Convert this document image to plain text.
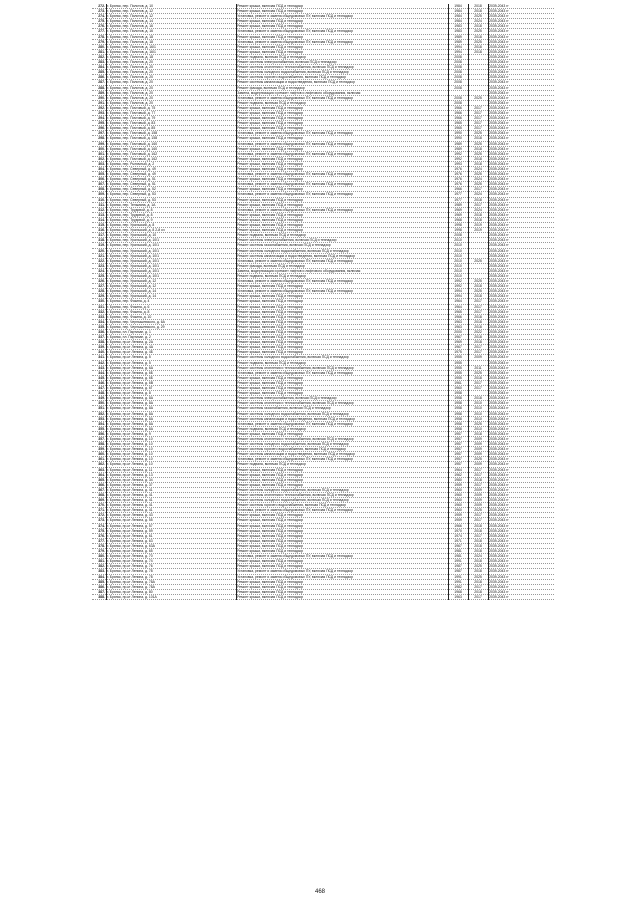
272.	г. Брянск, пер. Пилотов, д. 10	Ремонт крыши, включая ПСД и технадзор	1984	2018	2039-2043 гг
273.	г. Брянск, пер. Пилотов, д. 12	Ремонт крыши, включая ПСД и технадзор	1984	2018	2039-2043 гг
274.	г. Брянск, пер. Пилотов, д. 12	Установка, ремонт и замена общедомовых ПУ, включая ПСД и технадзор	1984	2025	2039-2043 гг
275.	г. Брянск, пер. Пилотов, д. 14	Ремонт крыши, включая ПСД и технадзор	1984	2024	2039-2043 гг
276.	г. Брянск, пер. Пилотов, д. 16	Ремонт крыши, включая ПСД и технадзор	1983	2018	2039-2043 гг
277.	г. Брянск, пер. Пилотов, д. 16	Установка, ремонт и замена общедомовых ПУ, включая ПСД и технадзор	1983	2025	2039-2043 гг
278.	г. Брянск, пер. Пилотов, д. 18	Ремонт крыши, включая ПСД и технадзор	1989	2018	2039-2043 гг
279.	г. Брянск, пер. Пилотов, д. 18	Установка, ремонт и замена общедомовых ПУ, включая ПСД и технадзор	1989	2025	2039-2043 гг
280.	г. Брянск, пер. Пилотов, д. 16/1	Ремонт крыши, включая ПСД и технадзор	1994	2018	2039-2043 гг
281.	г. Брянск, пер. Пилотов, д. 16/1	Ремонт крыши, включая ПСД и технадзор	1994	2018	2039-2043 гг
282.	г. Брянск, пер. Пилотов, д. 18	Ремонт подвала, включая ПСД и технадзор	2008		2039-2043 гг
283.	г. Брянск, пер. Пилотов, д. 20	Ремонт системы электроснабжения, включая ПСД и технадзор	2008		2039-2043 гг
284.	г. Брянск, пер. Пилотов, д. 20	Ремонт системы отопления и теплоснабжения, включая ПСД и технадзор	2008		2039-2043 гг
285.	г. Брянск, пер. Пилотов, д. 20	Ремонт системы холодного водоснабжения, включая ПСД и технадзор	2008		2039-2043 гг
286.	г. Брянск, пер. Пилотов, д. 20	Ремонт системы горячего водоснабжения, включая ПСД и технадзор	2008		2039-2043 гг
287.	г. Брянск, пер. Пилотов, д. 20	Ремонт системы канализации и водоотведения, включая ПСД и технадзор	2008		2039-2043 гг
288.	г. Брянск, пер. Пилотов, д. 20	Ремонт фасада, включая ПСД и технадзор	2008		2039-2043 гг
289.	г. Брянск, пер. Пилотов, д. 20	Замена, модернизация и ремонт лифтов и лифтового оборудования, включая			2039-2043 гг
290.	г. Брянск, пер. Пилотов, д. 20	Установка, ремонт и замена общедомовых ПУ, включая ПСД и технадзор	2008	2025	2039-2043 гг
291.	г. Брянск, пер. Пилотов, д. 20	Ремонт подвала, включая ПСД и технадзор	2008		2039-2043 гг
292.	г. Брянск, пер. Почтовый, д. 75	Ремонт крыши, включая ПСД и технадзор	1966	2017	2039-2043 гг
293.	г. Брянск, пер. Почтовый, д. 77	Ремонт крыши, включая ПСД и технадзор	1966	2017	2039-2043 гг
294.	г. Брянск, пер. Почтовый, д. 79	Ремонт крыши, включая ПСД и технадзор	1966	2017	2039-2043 гг
295.	г. Брянск, пер. Почтовый, д. 83	Ремонт крыши, включая ПСД и технадзор	1965	2017	2039-2043 гг
296.	г. Брянск, пер. Почтовый, д. 85	Ремонт крыши, включая ПСД и технадзор	1965	2017	2039-2043 гг
297.	г. Брянск, пер. Почтовый, д. 158	Установка, ремонт и замена общедомовых ПУ, включая ПСД и технадзор	1990	2025	2039-2043 гг
298.	г. Брянск, пер. Почтовый, д. 158	Ремонт крыши, включая ПСД и технадзор	1990	2018	2039-2043 гг
299.	г. Брянск, пер. Почтовый, д. 160	Установка, ремонт и замена общедомовых ПУ, включая ПСД и технадзор	1989	2025	2039-2043 гг
300.	г. Брянск, пер. Почтовый, д. 160	Ремонт крыши, включая ПСД и технадзор	1989	2018	2039-2043 гг
301.	г. Брянск, пер. Почтовый, д. 162	Установка, ремонт и замена общедомовых ПУ, включая ПСД и технадзор	1992	2025	2039-2043 гг
302.	г. Брянск, пер. Почтовый, д. 162	Ремонт крыши, включая ПСД и технадзор	1992	2018	2039-2043 гг
303.	г. Брянск, пер. Рыночный, д. 2	Ремонт крыши, включая ПСД и технадзор	1993	2018	2039-2043 гг
304.	г. Брянск, пер. Северный, д. 49	Ремонт крыши, включая ПСД и технадзор	1976	2024	2039-2043 гг
305.	г. Брянск, пер. Северный, д. 49	Установка, ремонт и замена общедомовых ПУ, включая ПСД и технадзор	1976	2025	2039-2043 гг
306.	г. Брянск, пер. Северный, д. 51	Ремонт крыши, включая ПСД и технадзор	1976	2024	2039-2043 гг
307.	г. Брянск, пер. Северный, д. 51	Установка, ремонт и замена общедомовых ПУ, включая ПСД и технадзор	1976	2025	2039-2043 гг
308.	г. Брянск, пер. Северный, д. 52	Ремонт крыши, включая ПСД и технадзор	1966	2017	2039-2043 гг
309.	г. Брянск, пер. Северный, д. 53	Установка, ремонт и замена общедомовых ПУ, включая ПСД и технадзор	1977	2024	2039-2043 гг
310.	г. Брянск, пер. Северный, д. 53	Ремонт крыши, включая ПСД и технадзор	1977	2018	2039-2043 гг
311.	г. Брянск, пер. Тельмана, д. 1А	Ремонт крыши, включая ПСД и технадзор	1989	2017	2039-2043 гг
312.	г. Брянск, пер. Трудовой, д. 8	Установка, ремонт и замена общедомовых ПУ, включая ПСД и технадзор	1969	2024	2039-2043 гг
313.	г. Брянск, пер. Трудовой, д. 8	Ремонт крыши, включая ПСД и технадзор	1969	2018	2039-2043 гг
314.	г. Брянск, пер. Трудовой, д. 9	Ремонт крыши, включая ПСД и технадзор	1968	2018	2039-2043 гг
315.	г. Брянск, пер. Уральский, д. 8	Ремонт крыши, включая ПСД и технадзор	1998	2019	2039-2043 гг
316.	г. Брянск, пер. Уральский, д. 8 2-й оч	Ремонт крыши, включая ПСД и технадзор	1998	2019	2039-2043 гг
317.	г. Брянск, пер. Уральский, д. 10	Ремонт подвала, включая ПСД и технадзор	2008		2039-2043 гг
318.	г. Брянск, пер. Уральский, д. 10/1	Ремонт системы электроснабжения, включая ПСД и технадзор	2010		2039-2043 гг
319.	г. Брянск, пер. Уральский, д. 10/1	Ремонт системы газоснабжения, включая ПСД и технадзор	2010		2039-2043 гг
320.	г. Брянск, пер. Уральский, д. 10/1	Ремонт системы холодного водоснабжения, включая ПСД и технадзор	2010		2039-2043 гг
321.	г. Брянск, пер. Уральский, д. 10/1	Ремонт системы канализации и водоотведения, включая ПСД и технадзор	2010		2039-2043 гг
322.	г. Брянск, пер. Уральский, д. 10/1	Установка, ремонт и замена общедомовых ПУ, включая ПСД и технадзор	2010	2025	2039-2043 гг
323.	г. Брянск, пер. Уральский, д. 10/1	Ремонт фасада, включая ПСД и технадзор	2010		2039-2043 гг
324.	г. Брянск, пер. Уральский, д. 10/1	Замена, модернизация и ремонт лифтов и лифтового оборудования, включая	2010		2039-2043 гг
325.	г. Брянск, пер. Уральский, д. 10/1	Ремонт подвала, включая ПСД и технадзор	2010		2039-2043 гг
326.	г. Брянск, пер. Уральский, д. 12	Установка, ремонт и замена общедомовых ПУ, включая ПСД и технадзор	1992	2025	2039-2043 гг
327.	г. Брянск, пер. Уральский, д. 12	Ремонт крыши, включая ПСД и технадзор	1992	2018	2039-2043 гг
328.	г. Брянск, пер. Уральский, д. 14	Установка, ремонт и замена общедомовых ПУ, включая ПСД и технадзор	1994	2025	2039-2043 гг
329.	г. Брянск, пер. Уральский, д. 14	Ремонт крыши, включая ПСД и технадзор	1994	2018	2039-2043 гг
330.	г. Брянск, пер. Фокина, д. 4	Ремонт крыши, включая ПСД и технадзор	1964	2017	2039-2043 гг
331.	г. Брянск, пер. Фокина, д. 6	Ремонт крыши, включая ПСД и технадзор	1964	2017	2039-2043 гг
332.	г. Брянск, пер. Фокина, д. 8	Ремонт крыши, включая ПСД и технадзор	1965	2017	2039-2043 гг
333.	г. Брянск, пер. Фокина, д. 10	Ремонт крыши, включая ПСД и технадзор	1966	2018	2039-2043 гг
334.	г. Брянск, пер. Чернышевского, д. 6А	Ремонт крыши, включая ПСД и технадзор	1963	2018	2039-2043 гг
335.	г. Брянск, пер. Чернышевского, д. 29	Ремонт крыши, включая ПСД и технадзор	1963	2018	2039-2043 гг
336.	г. Брянск, пл. Партизан, д. 1	Ремонт крыши, включая ПСД и технадзор	2000	2022	2039-2043 гг
337.	г. Брянск, пл. Партизан, д. 2	Ремонт крыши, включая ПСД и технадзор	1967	2018	2039-2043 гг
338.	г. Брянск, пр-кт Ленина, д. 2А	Ремонт крыши, включая ПСД и технадзор	1969	2018	2039-2043 гг
339.	г. Брянск, пр-кт Ленина, д. 4А	Ремонт крыши, включая ПСД и технадзор	1967	2017	2039-2043 гг
340.	г. Брянск, пр-кт Ленина, д. 4Б	Ремонт крыши, включая ПСД и технадзор	1975	2017	2039-2043 гг
341.	г. Брянск, пр-кт Ленина, д. 5	Ремонт системы холодного водоснабжения, включая ПСД и технадзор	1955	2009	2039-2043 гг
342.	г. Брянск, пр-кт Ленина, д. 5	Ремонт подвала, включая ПСД и технадзор	1955		2039-2043 гг
343.	г. Брянск, пр-кт Ленина, д. 6А	Ремонт системы отопления и теплоснабжения, включая ПСД и технадзор	1955	2011	2039-2043 гг
344.	г. Брянск, пр-кт Ленина, д. 6Б	Установка, ремонт и замена общедомовых ПУ, включая ПСД и технадзор	1955	2025	2039-2043 гг
345.	г. Брянск, пр-кт Ленина, д. 6Б	Ремонт крыши, включая ПСД и технадзор	1955	2018	2039-2043 гг
346.	г. Брянск, пр-кт Ленина, д. 6В	Ремонт крыши, включая ПСД и технадзор	1961	2017	2039-2043 гг
347.	г. Брянск, пр-кт Ленина, д. 6Г	Ремонт крыши, включая ПСД и технадзор	1960	2017	2039-2043 гг
348.	г. Брянск, пр-кт Ленина, д. 8	Ремонт крыши, включая ПСД и технадзор	1958		2039-2043 гг
349.	г. Брянск, пр-кт Ленина, д. 8А	Ремонт системы электроснабжения, включая ПСД и технадзор	1958	2018	2039-2043 гг
350.	г. Брянск, пр-кт Ленина, д. 8А	Ремонт системы отопления и теплоснабжения, включая ПСД и технадзор	1958	2010	2039-2043 гг
351.	г. Брянск, пр-кт Ленина, д. 8А	Ремонт системы газоснабжения, включая ПСД и технадзор	1958	2010	2039-2043 гг
352.	г. Брянск, пр-кт Ленина, д. 8А	Ремонт системы холодного водоснабжения, включая ПСД и технадзор	1958	2010	2039-2043 гг
353.	г. Брянск, пр-кт Ленина, д. 8А	Ремонт системы канализации и водоотведения, включая ПСД и технадзор	1958	2010	2039-2043 гг
354.	г. Брянск, пр-кт Ленина, д. 8А	Установка, ремонт и замена общедомовых ПУ, включая ПСД и технадзор	1958	2025	2039-2043 гг
355.	г. Брянск, пр-кт Ленина, д. 8А	Ремонт подвала, включая ПСД и технадзор	1958	2010	2039-2043 гг
356.	г. Брянск, пр-кт Ленина, д. 9	Ремонт крыши, включая ПСД и технадзор	1957	2018	2039-2043 гг
357.	г. Брянск, пр-кт Ленина, д. 10	Ремонт системы отопления и теплоснабжения, включая ПСД и технадзор	1957	2009	2039-2043 гг
358.	г. Брянск, пр-кт Ленина, д. 10	Ремонт системы холодного водоснабжения, включая ПСД и технадзор	1957	2009	2039-2043 гг
359.	г. Брянск, пр-кт Ленина, д. 10	Ремонт системы горячего водоснабжения, включая ПСД и технадзор	1957	2009	2039-2043 гг
360.	г. Брянск, пр-кт Ленина, д. 10	Ремонт системы канализации и водоотведения, включая ПСД и технадзор	1957	2009	2039-2043 гг
361.	г. Брянск, пр-кт Ленина, д. 10	Установка, ремонт и замена общедомовых ПУ, включая ПСД и технадзор	1957	2025	2039-2043 гг
362.	г. Брянск, пр-кт Ленина, д. 10	Ремонт подвала, включая ПСД и технадзор	1957	2009	2039-2043 гг
363.	г. Брянск, пр-кт Ленина, д. 11	Ремонт крыши, включая ПСД и технадзор	1964	2017	2039-2043 гг
364.	г. Брянск, пр-кт Ленина, д. 13	Ремонт крыши, включая ПСД и технадзор	1962	2017	2039-2043 гг
365.	г. Брянск, пр-кт Ленина, д. 34	Ремонт крыши, включая ПСД и технадзор	1980	2018	2039-2043 гг
366.	г. Брянск, пр-кт Ленина, д. 37	Ремонт крыши, включая ПСД и технадзор	1959	2017	2039-2043 гг
367.	г. Брянск, пр-кт Ленина, д. 41	Ремонт системы холодного водоснабжения, включая ПСД и технадзор	1960	2009	2039-2043 гг
368.	г. Брянск, пр-кт Ленина, д. 41	Ремонт системы отопления и теплоснабжения, включая ПСД и технадзор	1960	2009	2039-2043 гг
369.	г. Брянск, пр-кт Ленина, д. 41	Ремонт системы холодного водоснабжения, включая ПСД и технадзор	1960	2009	2039-2043 гг
370.	г. Брянск, пр-кт Ленина, д. 41	Ремонт системы горячего водоснабжения, включая ПСД и технадзор	1960	2009	2039-2043 гг
371.	г. Брянск, пр-кт Ленина, д. 41	Установка, ремонт и замена общедомовых ПУ, включая ПСД и технадзор	1960	2025	2039-2043 гг
372.	г. Брянск, пр-кт Ленина, д. 43	Ремонт крыши, включая ПСД и технадзор	1959	2017	2039-2043 гг
373.	г. Брянск, пр-кт Ленина, д. 55	Ремонт крыши, включая ПСД и технадзор	1959	2017	2039-2043 гг
374.	г. Брянск, пр-кт Ленина, д. 57	Ремонт крыши, включая ПСД и технадзор	1966	2018	2039-2043 гг
375.	г. Брянск, пр-кт Ленина, д. 59	Ремонт крыши, включая ПСД и технадзор	1970	2018	2039-2043 гг
376.	г. Брянск, пр-кт Ленина, д. 61	Ремонт крыши, включая ПСД и технадзор	1974	2017	2039-2043 гг
377.	г. Брянск, пр-кт Ленина, д. 63	Ремонт крыши, включая ПСД и технадзор	1971	2018	2039-2043 гг
378.	г. Брянск, пр-кт Ленина, д. 63А	Ремонт крыши, включая ПСД и технадзор	1967	2018	2039-2043 гг
379.	г. Брянск, пр-кт Ленина, д. 65	Ремонт крыши, включая ПСД и технадзор	1981	2018	2039-2043 гг
380.	г. Брянск, пр-кт Ленина, д. 70	Установка, ремонт и замена общедомовых ПУ, включая ПСД и технадзор	1981	2024	2039-2043 гг
381.	г. Брянск, пр-кт Ленина, д. 74	Ремонт крыши, включая ПСД и технадзор	1991	2018	2039-2043 гг
382.	г. Брянск, пр-кт Ленина, д. 76	Ремонт крыши, включая ПСД и технадзор	1987	2025	2039-2043 гг
383.	г. Брянск, пр-кт Ленина, д. 78	Установка, ремонт и замена общедомовых ПУ, включая ПСД и технадзор	1987	2018	2039-2043 гг
384.	г. Брянск, пр-кт Ленина, д. 78	Установка, ремонт и замена общедомовых ПУ, включая ПСД и технадзор	1991	2025	2039-2043 гг
385.	г. Брянск, пр-кт Ленина, д. 78А	Ремонт крыши, включая ПСД и технадзор	1991	2018	2039-2043 гг
386.	г. Брянск, пр-кт Ленина, д. 78А	Ремонт крыши, включая ПСД и технадзор	1982	2017	2039-2043 гг
387.	г. Брянск, пр-кт Ленина, д. 80	Ремонт крыши, включая ПСД и технадзор	1968	2018	2039-2043 гг
388.	г. Брянск, пр-кт Ленина, д. 101А	Ремонт крыши, включая ПСД и технадзор	1963	2017	2039-2043 гг
468
